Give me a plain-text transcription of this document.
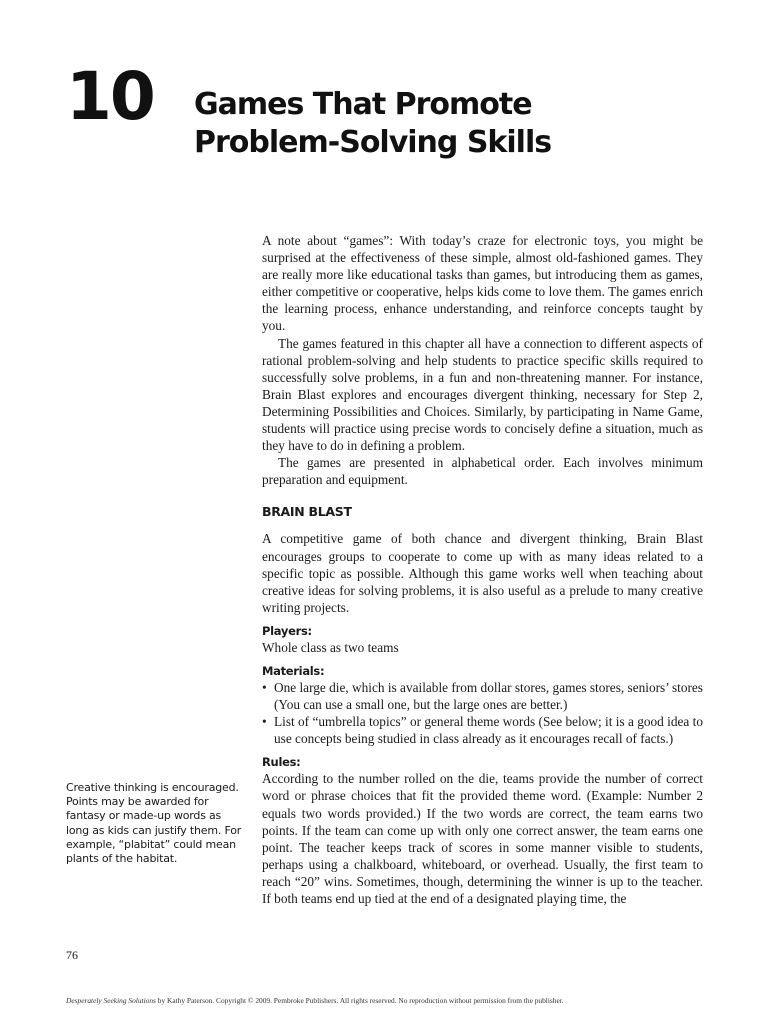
10 Games That Promote
Problem-Solving Skills

A note about “games”: With today’s craze for electronic toys, you might be surprised at the effectiveness of these simple, almost old-fashioned games. They are really more like educational tasks than games, but introducing them as games, either competitive or cooperative, helps kids come to love them. The games enrich the learning process, enhance understanding, and reinforce concepts taught by you.

The games featured in this chapter all have a connection to different aspects of rational problem-solving and help students to practice specific skills required to successfully solve problems, in a fun and non-threatening manner. For instance, Brain Blast explores and encourages divergent thinking, necessary for Step 2, Determining Possibilities and Choices. Similarly, by participating in Name Game, students will practice using precise words to concisely define a situation, much as they have to do in defining a problem.

The games are presented in alphabetical order. Each involves minimum preparation and equipment.

BRAIN BLAST

A competitive game of both chance and divergent thinking, Brain Blast encourages groups to cooperate to come up with as many ideas related to a specific topic as possible. Although this game works well when teaching about creative ideas for solving problems, it is also useful as a prelude to many creative writing projects.

Players:

Whole class as two teams

Materials:
• One large die, which is available from dollar stores, games stores, seniors’ stores (You can use a small one, but the large ones are better.)
• List of “umbrella topics” or general theme words (See below; it is a good idea to use concepts being studied in class already as it encourages recall of facts.)
Rules:

According to the number rolled on the die, teams provide the number of correct word or phrase choices that fit the provided theme word. (Example: Number 2 equals two words provided.) If the two words are correct, the team earns two points. If the team can come up with only one correct answer, the team earns one point. The teacher keeps track of scores in some manner visible to students, perhaps using a chalkboard, whiteboard, or overhead. Usually, the first team to reach “20” wins. Sometimes, though, determining the winner is up to the teacher. If both teams end up tied at the end of a designated playing time, the

Creative thinking is encouraged. Points may be awarded for fantasy or made-up words as long as kids can justify them. For example, “plabitat” could mean plants of the habitat.
76
Desperately Seeking Solutions by Kathy Paterson. Copyright © 2009. Pembroke Publishers. All rights reserved. No reproduction without permission from the publisher.
